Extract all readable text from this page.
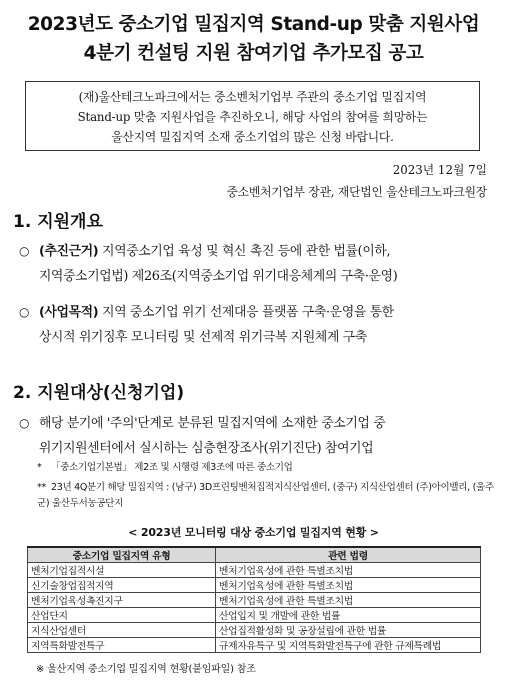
2023년도 중소기업 밀집지역 Stand-up 맞춤 지원사업
4분기 컨설팅 지원 참여기업 추가모집 공고
(재)울산테크노파크에서는 중소벤처기업부 주관의 중소기업 밀집지역
Stand-up 맞춤 지원사업을 추진하오니, 해당 사업의 참여를 희망하는
울산지역 밀집지역 소재 중소기업의 많은 신청 바랍니다.
2023년 12월 7일
중소벤처기업부 장관, 재단법인 울산테크노파크원장
1. 지원개요
○ (추진근거) 지역중소기업 육성 및 혁신 촉진 등에 관한 법률(이하,
지역중소기업법) 제26조(지역중소기업 위기대응체계의 구축·운영)
○ (사업목적) 지역 중소기업 위기 선제대응 플랫폼 구축·운영을 통한
상시적 위기징후 모니터링 및 선제적 위기극복 지원체계 구축
2. 지원대상(신청기업)
○ 해당 분기에 '주의'단계로 분류된 밀집지역에 소재한 중소기업 중
위기지원센터에서 실시하는 심층현장조사(위기진단) 참여기업
* 「중소기업기본법」 제2조 및 시행령 제3조에 따른 중소기업
** 23년 4Q분기 해당 밀집지역 : (남구) 3D프린팅벤처집적지식산업센터, (중구) 지식산업센터 (주)아이밸리, (울주군) 울산두서농공단지
< 2023년 모니터링 대상 중소기업 밀집지역 현황 >
중소기업 밀집지역 유형	관련 법령
벤처기업집적시설	벤처기업육성에 관한 특별조치법
신기술창업집적지역	벤처기업육성에 관한 특별조치법
벤처기업육성촉진지구	벤처기업육성에 관한 특별조치법
산업단지	산업입지 및 개발에 관한 법률
지식산업센터	산업집적활성화 및 공장설립에 관한 법률
지역특화발전특구	규제자유특구 및 지역특화발전특구에 관한 규제특례법
※ 울산지역 중소기업 밀집지역 현황(붙임파일) 참조
